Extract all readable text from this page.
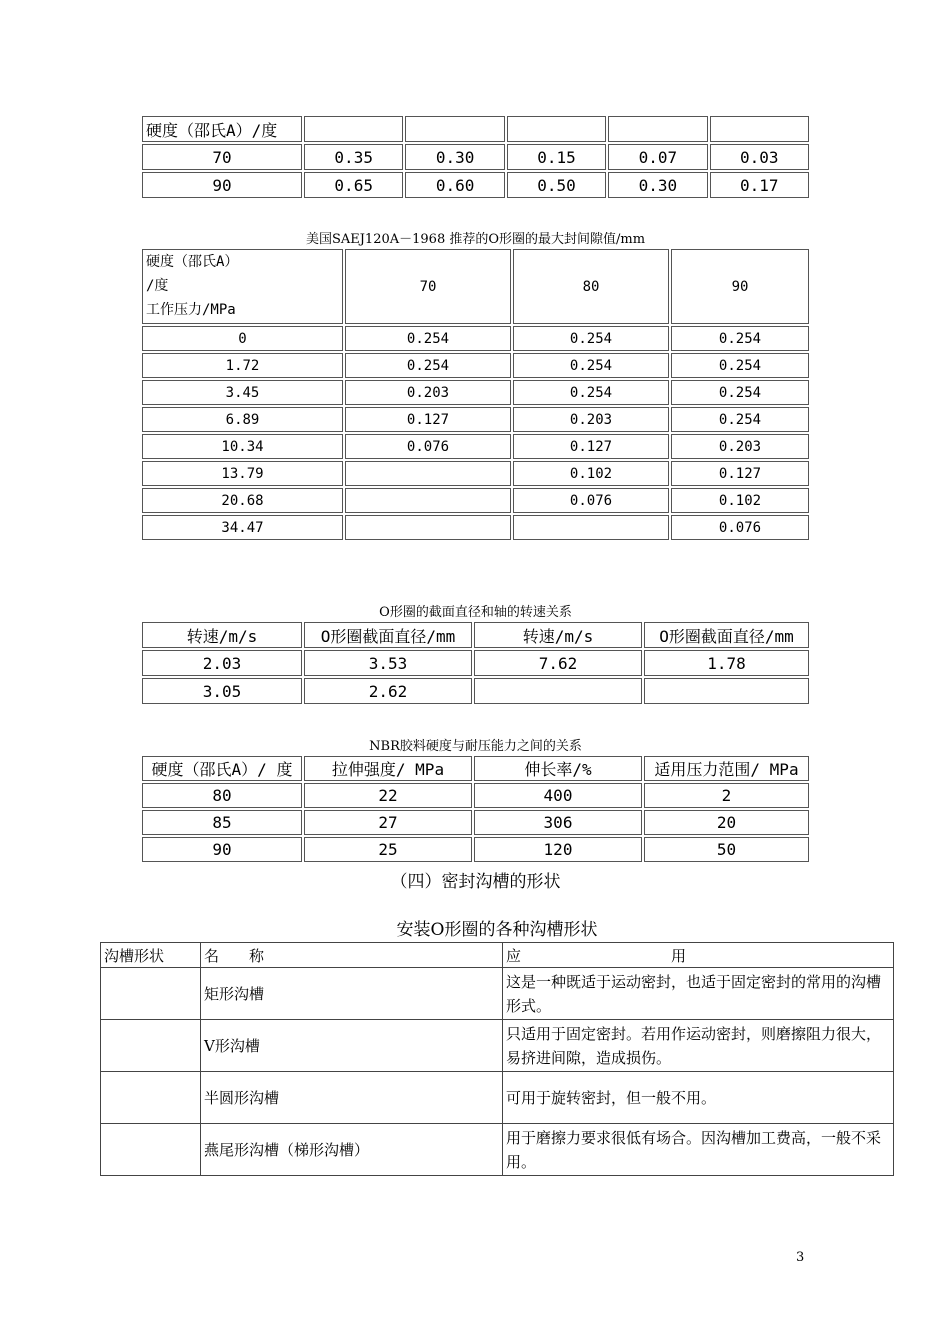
硬度（邵氏A）/度					
70	0.35	0.30	0.15	0.07	0.03
90	0.65	0.60	0.50	0.30	0.17
美国SAEJ120A－1968 推荐的O形圈的最大封间隙值/mm
硬度（邵氏A）
/度
工作压力/MPa	70	80	90
0	0.254	0.254	0.254
1.72	0.254	0.254	0.254
3.45	0.203	0.254	0.254
6.89	0.127	0.203	0.254
10.34	0.076	0.127	0.203
13.79		0.102	0.127
20.68		0.076	0.102
34.47			0.076
O形圈的截面直径和轴的转速关系
转速/m/s	O形圈截面直径/mm	转速/m/s	O形圈截面直径/mm
2.03	3.53	7.62	1.78
3.05	2.62		
NBR胶料硬度与耐压能力之间的关系
硬度（邵氏A）/ 度	拉伸强度/ MPa	伸长率/%	适用压力范围/ MPa
80	22	400	2
85	27	306	20
90	25	120	50
（四）密封沟槽的形状
安装O形圈的各种沟槽形状
沟槽形状	名　　称	应　　　　　　　　　　用
	矩形沟槽	这是一种既适于运动密封，也适于固定密封的常用的沟槽形式。
	V形沟槽	只适用于固定密封。若用作运动密封，则磨擦阻力很大，易挤进间隙，造成损伤。
	半圆形沟槽	可用于旋转密封，但一般不用。
	燕尾形沟槽（梯形沟槽）	用于磨擦力要求很低有场合。因沟槽加工费高，一般不采用。
3
